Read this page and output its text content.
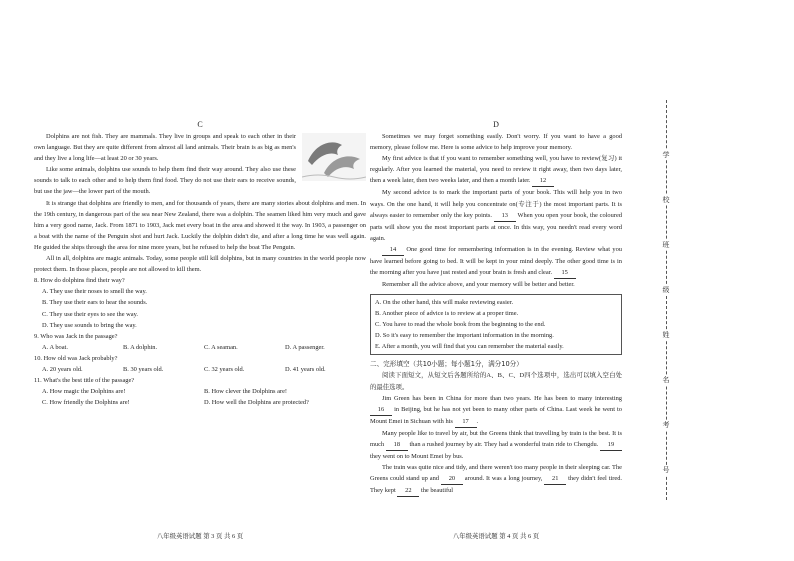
C

Dolphins are not fish. They are mammals. They live in groups and speak to each other in their own language. But they are quite different from almost all land animals. Their brain is as big as men's and they live a long life—at least 20 or 30 years.

Like some animals, dolphins use sounds to help them find their way around. They also use these sounds to talk to each other and to help them find food. They do not use their ears to receive sounds, but use the jaw—the lower part of the mouth.

It is strange that dolphins are friendly to men, and for thousands of years, there are many stories about dolphins and men. In the 19th century, in dangerous part of the sea near New Zealand, there was a dolphin. The seamen liked him very much and gave him a very good name, Jack. From 1871 to 1903, Jack met every boat in the area and showed it the way. In 1903, a passenger on a boat with the name of the Penguin shot and hurt Jack. Luckily the dolphin didn't die, and after a long time he was well again. He guided the ships through the area for nine more years, but he refused to help the boat The Penguin.

All in all, dolphins are magic animals. Today, some people still kill dolphins, but in many countries in the world people now protect them. In those places, people are not allowed to kill them.

8. How do dolphins find their way?

A. They use their noses to smell the way.

B. They use their ears to hear the sounds.

C. They use their eyes to see the way.

D. They use sounds to bring the way.

9. Who was Jack in the passage?

A. A boat.	B. A dolphin.	C. A seaman.	D. A passenger.

10. How old was Jack probably?

A. 20 years old.	B. 30 years old.	C. 32 years old.	D. 41 years old.

11. What's the best title of the passage?

A. How magic the Dolphins are!	B. How clever the Dolphins are!
C. How friendly the Dolphins are!	D. How well the Dolphins are protected?
八年级英语试题 第 3 页 共 6 页
D

Sometimes we may forget something easily. Don't worry. If you want to have a good memory, please follow me. Here is some advice to help improve your memory.

My first advice is that if you want to remember something well, you have to review(复习) it regularly. After you learned the material, you need to review it right away, then two days later, then a week later, then two weeks later, and then a month later. 12

My second advice is to mark the important parts of your book. This will help you in two ways. On the one hand, it will help you concentrate on(专注于) the most important parts. It is always easier to remember only the key points. 13 When you open your book, the coloured parts will show you the most important parts at once. In this way, you needn't read every word again.

14 One good time for remembering information is in the evening. Review what you have learned before going to bed. It will be kept in your mind deeply. The other good time is in the morning after you have just rested and your brain is fresh and clear. 15

Remember all the advice above, and your memory will be better and better.

A. On the other hand, this will make reviewing easier.

B. Another piece of advice is to review at a proper time.

C. You have to read the whole book from the beginning to the end.

D. So it's easy to remember the important information in the morning.

E. After a month, you will find that you can remember the material easily.

二、完形填空（共10小题；每小题1分，满分10分）

阅读下面短文，从短文后各题所给的A、B、C、D四个选项中，选出可以填入空白处的最佳选项。

Jim Green has been in China for more than two years. He has been to many interesting 16 in Beijing, but he has not yet been to many other parts of China. Last week he went to Mount Emei in Sichuan with his 17 .

Many people like to travel by air, but the Greens think that travelling by train is the best. It is much 18 than a rushed journey by air. They had a wonderful train ride to Chengdu. 19 they went on to Mount Emei by bus.

The train was quite nice and tidy, and there weren't too many people in their sleeping car. The Greens could stand up and 20 around. It was a long journey, 21 they didn't feel tired. They kept 22 the beautiful

八年级英语试题 第 4 页 共 6 页
学
校
班
级
姓
名
考
号
